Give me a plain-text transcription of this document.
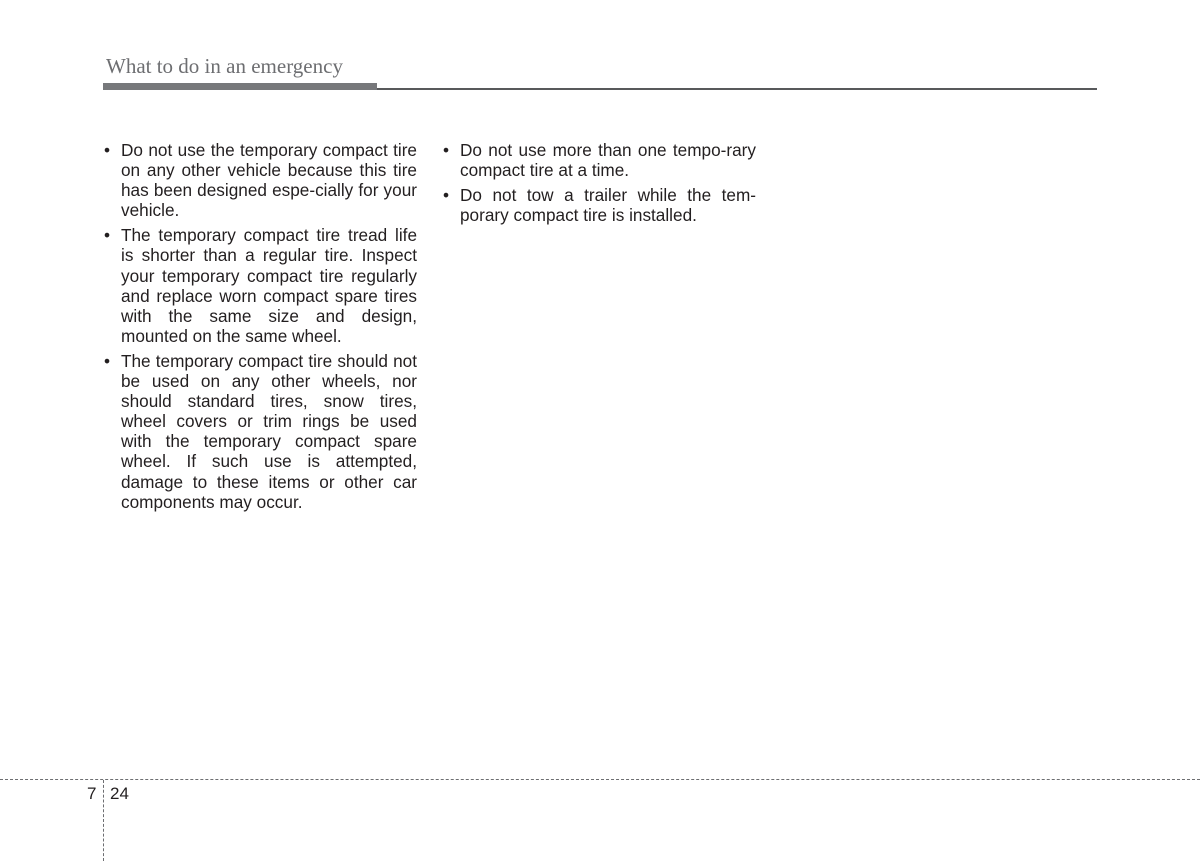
What to do in an emergency
• Do not use the temporary compact tire on any other vehicle because this tire has been designed espe-cially for your vehicle.
• The temporary compact tire tread life is shorter than a regular tire. Inspect your temporary compact tire regularly and replace worn compact spare tires with the same size and design, mounted on the same wheel.
• The temporary compact tire should not be used on any other wheels, nor should standard tires, snow tires, wheel covers or trim rings be used with the temporary compact spare wheel. If such use is attempted, damage to these items or other car components may occur.
• Do not use more than one tempo-rary compact tire at a time.
• Do not tow a trailer while the tem-porary compact tire is installed.
7 24
